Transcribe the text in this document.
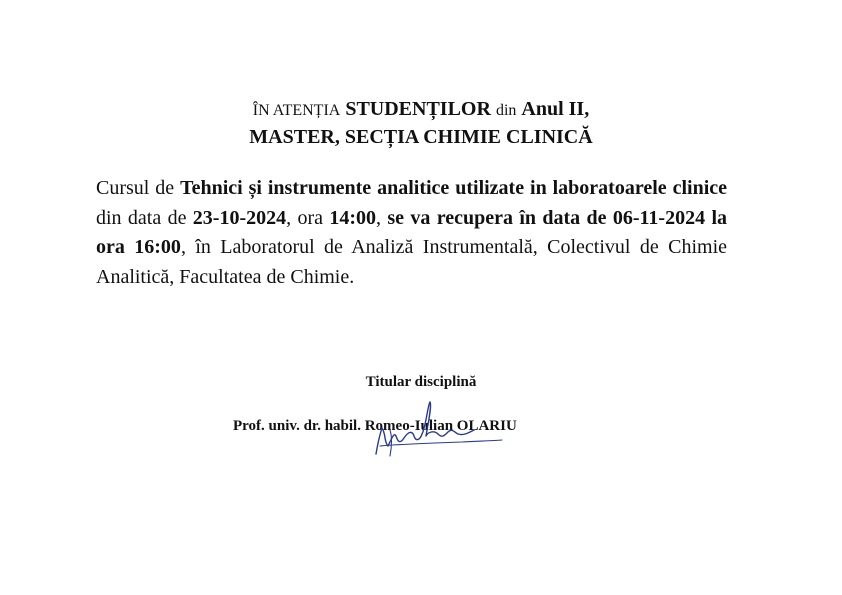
ÎN ATENȚIA STUDENȚILOR din Anul II,
MASTER, SECȚIA CHIMIE CLINICĂ
Cursul de Tehnici și instrumente analitice utilizate in laboratoarele clinice din data de 23-10-2024, ora 14:00, se va recupera în data de 06-11-2024 la ora 16:00, în Laboratorul de Analiză Instrumentală, Colectivul de Chimie Analitică, Facultatea de Chimie.
Titular disciplină
Prof. univ. dr. habil. Romeo-Iulian OLARIU
